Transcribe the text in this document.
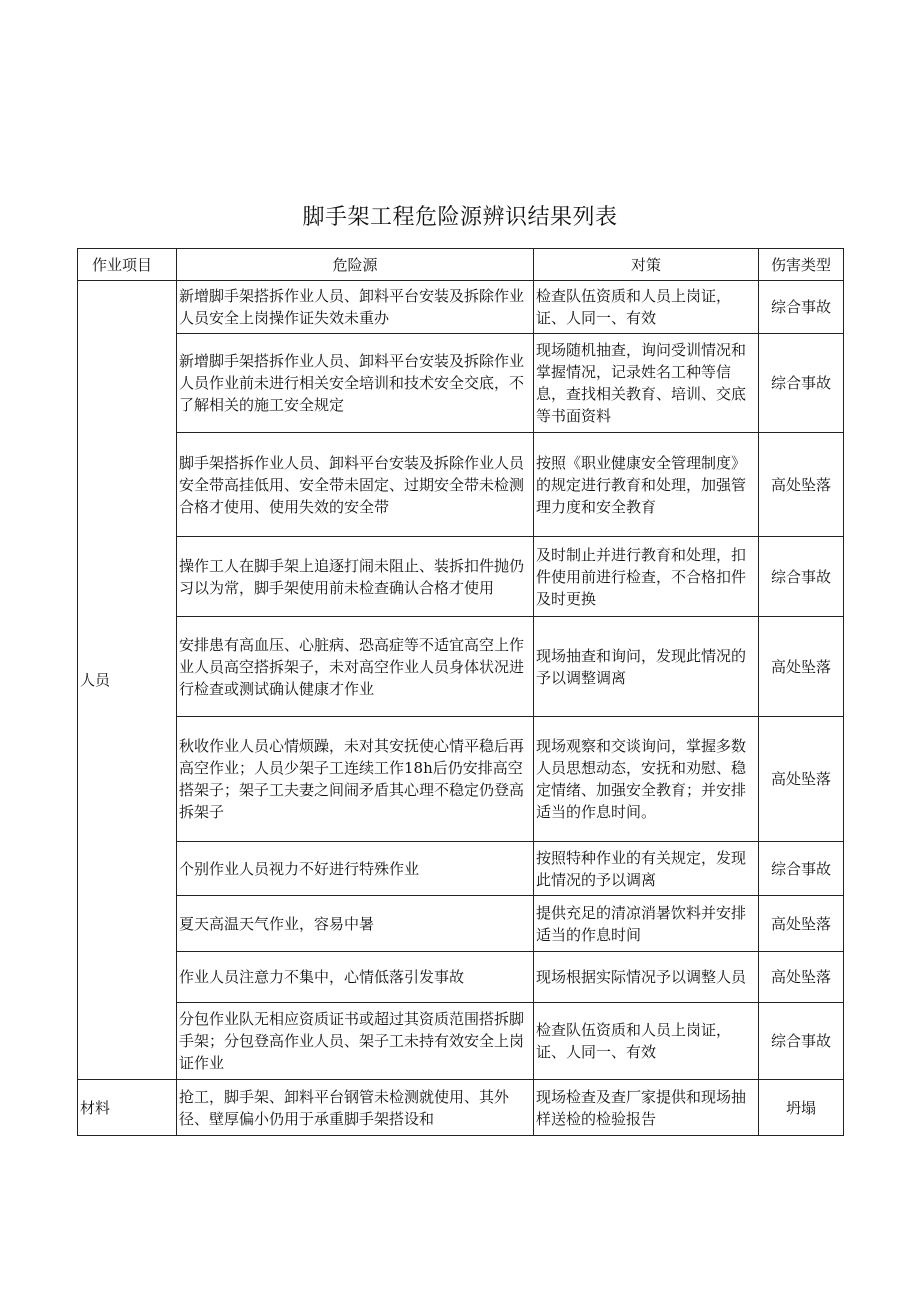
脚手架工程危险源辨识结果列表
作业项目	危险源	对策	伤害类型
人员	新增脚手架搭拆作业人员、卸料平台安装及拆除作业人员安全上岗操作证失效未重办	检查队伍资质和人员上岗证，证、人同一、有效	综合事故
	新增脚手架搭拆作业人员、卸料平台安装及拆除作业人员作业前未进行相关安全培训和技术安全交底，不了解相关的施工安全规定	现场随机抽查，询问受训情况和掌握情况，记录姓名工种等信息，查找相关教育、培训、交底等书面资料	综合事故
	脚手架搭拆作业人员、卸料平台安装及拆除作业人员安全带高挂低用、安全带未固定、过期安全带未检测合格才使用、使用失效的安全带	按照《职业健康安全管理制度》的规定进行教育和处理，加强管理力度和安全教育	高处坠落
	操作工人在脚手架上追逐打闹未阻止、装拆扣件抛仍习以为常，脚手架使用前未检查确认合格才使用	及时制止并进行教育和处理，扣件使用前进行检查，不合格扣件及时更换	综合事故
	安排患有高血压、心脏病、恐高症等不适宜高空上作业人员高空搭拆架子，未对高空作业人员身体状况进行检查或测试确认健康才作业	现场抽查和询问，发现此情况的予以调整调离	高处坠落
	秋收作业人员心情烦躁，未对其安抚使心情平稳后再高空作业；人员少架子工连续工作18h后仍安排高空搭架子；架子工夫妻之间闹矛盾其心理不稳定仍登高拆架子	现场观察和交谈询问，掌握多数人员思想动态，安抚和劝慰、稳定情绪、加强安全教育；并安排适当的作息时间。	高处坠落
	个别作业人员视力不好进行特殊作业	按照特种作业的有关规定，发现此情况的予以调离	综合事故
	夏天高温天气作业，容易中暑	提供充足的清凉消暑饮料并安排适当的作息时间	高处坠落
	作业人员注意力不集中，心情低落引发事故	现场根据实际情况予以调整人员	高处坠落
	分包作业队无相应资质证书或超过其资质范围搭拆脚手架；分包登高作业人员、架子工未持有效安全上岗证作业	检查队伍资质和人员上岗证，证、人同一、有效	综合事故
材料	抢工，脚手架、卸料平台钢管未检测就使用、其外径、壁厚偏小仍用于承重脚手架搭设和	现场检查及查厂家提供和现场抽样送检的检验报告	坍塌
